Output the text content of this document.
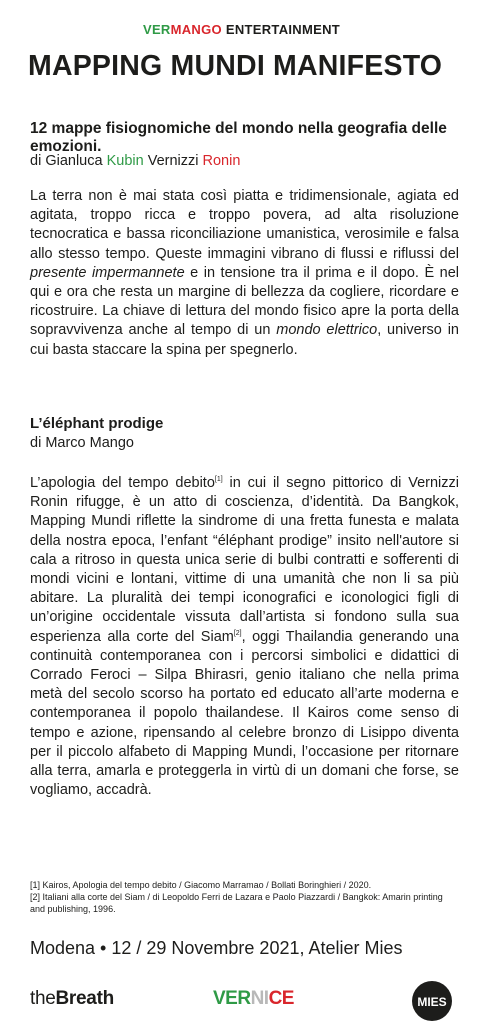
VERMANGO ENTERTAINMENT
MAPPING MUNDI MANIFESTO
12 mappe fisiognomiche del mondo nella geografia delle emozioni.
di Gianluca Kubin Vernizzi Ronin
La terra non è mai stata così piatta e tridimensionale, agiata ed agitata, troppo ricca e troppo povera, ad alta risoluzione tecnocratica e bassa riconciliazione umanistica, verosimile e falsa allo stesso tempo. Queste immagini vibrano di flussi e riflussi del presente impermannete e in tensione tra il prima e il dopo. È nel qui e ora che resta un margine di bellezza da cogliere, ricordare e ricostruire. La chiave di lettura del mondo fisico apre la porta della sopravvivenza anche al tempo di un mondo elettrico, universo in cui basta staccare la spina per spegnerlo.
L’éléphant prodige
di Marco Mango
L’apologia del tempo debito[1] in cui il segno pittorico di Vernizzi Ronin rifugge, è un atto di coscienza, d’identità. Da Bangkok, Mapping Mundi riflette la sindrome di una fretta funesta e malata della nostra epoca, l’enfant “éléphant prodige” insito nell'autore si cala a ritroso in questa unica serie di bulbi contratti e sofferenti di mondi vicini e lontani, vittime di una umanità che non li sa più abitare. La pluralità dei tempi iconografici e iconologici figli di un’origine occidentale vissuta dall’artista si fondono sulla sua esperienza alla corte del Siam[2], oggi Thailandia generando una continuità contemporanea con i percorsi simbolici e didattici di Corrado Feroci – Silpa Bhirasri, genio italiano che nella prima metà del secolo scorso ha portato ed educato all’arte moderna e contemporanea il popolo thailandese. Il Kairos come senso di tempo e azione, ripensando al celebre bronzo di Lisippo diventa per il piccolo alfabeto di Mapping Mundi, l’occasione per ritornare alla terra, amarla e proteggerla in virtù di un domani che forse, se vogliamo, accadrà.
[1] Kairos, Apologia del tempo debito / Giacomo Marramao / Bollati Boringhieri / 2020.
[2] Italiani alla corte del Siam / di Leopoldo Ferri de Lazara e Paolo Piazzardi / Bangkok: Amarin printing and publishing, 1996.
Modena • 12 / 29 Novembre 2021, Atelier Mies
theBreath	VERNICE	MIES
